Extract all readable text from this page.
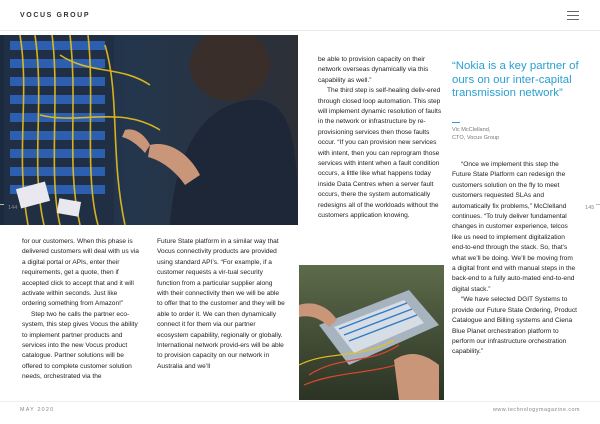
VOCUS GROUP

for our customers. When this phase is delivered customers will deal with us via a digital portal or APIs, enter their requirements, get a quote, then if accepted click to accept that and it will activate within seconds. Just like ordering something from Amazon!”

Step two he calls the partner eco-system, this step gives Vocus the ability to implement partner products and services into the new Vocus product catalogue. Partner solutions will be offered to complete customer solution needs, orchestrated via the

Future State platform in a similar way that Vocus connectivity products are provided using standard API’s. “For example, if a customer requests a vir-tual security function from a particular supplier along with their connectivity then we will be able to offer that to the customer and they will be able to order it. We can then dynamically connect it for them via our partner ecosystem capability, regionally or globally. International network provid-ers will be able to provision capacity on our network in Australia and we’ll

be able to provision capacity on their network overseas dynamically via this capability as well.”

The third step is self-healing deliv-ered through closed loop automation. This step will implement dynamic resolution of faults in the network or infrastructure by re-provisioning services then those faults occur. “If you can provision new services with intent, then you can reprogram those services with intent when a fault condition occurs, a little like what happens today inside Data Centres when a server fault occurs, there the system automatically redesigns all of the workloads without the customers application knowing.

“Nokia is a key partner of ours on our inter-capital transmission network”
Vic McClelland,
CTO, Vocus Group

“Once we implement this step the Future State Platform can redesign the customers solution on the fly to meet customers requested SLAs and automatically fix problems,” McClelland continues. “To truly deliver fundamental changes in customer experience, telcos like us need to implement digitalization end-to-end through the stack. So, that’s what we’ll be doing. We’ll be moving from a digital front end with manual steps in the back-end to a fully auto-mated end-to-end digital stack.”

“We have selected DGIT Systems to provide our Future State Ordering, Product Catalogue and Billing systems and Ciena Blue Planet orchestration platform to perform our infrastructure orchestration capability.”

144	145
MAY 2020	www.technologymagazine.com
